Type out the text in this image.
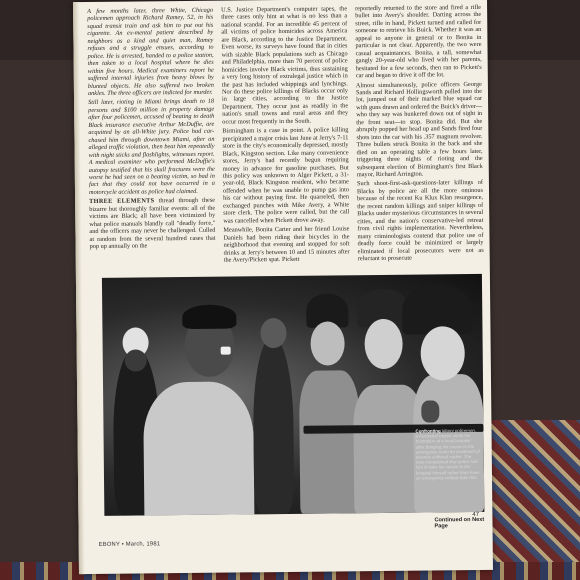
A few months later, three White, Chicago policemen approach Richard Ramey, 52, in his squad transit train and ask him to put out his cigarette. An ex-mental patient described by neighbors as a kind and quiet man, Ramey refuses and a struggle ensues, according to police. He is arrested, handed to a police station, then taken to a local hospital where he dies within five hours. Medical examiners report he suffered internal injuries from heavy blows by blunted objects. He also suffered two broken ankles. The three officers are indicted for murder.

Still later, rioting in Miami brings death to 18 persons and $100 million in property damage after four policemen, accused of beating to death Black insurance executive Arthur McDuffie, are acquitted by an all-White jury. Police had car-chased him through downtown Miami, after an alleged traffic violation, then beat him repeatedly with night sticks and flashlights, witnesses report. A medical examiner who performed McDuffie's autopsy testified that his skull fractures were the worst he had seen on a beating victim, so bad in fact that they could not have occurred in a motorcycle accident as police had claimed.

THREE ELEMENTS thread through these bizarre but thoroughly familiar events: all of the victims are Black; all have been victimized by what police manuals blandly call "deadly force," and the officers may never be challenged. Culled at random from the several hundred cases that pop up annually on the

U.S. Justice Department's computer tapes, the three cases only hint at what is no less than a national scandal. For an incredible 45 percent of all victims of police homicides across America are Black, according to the Justice Department. Even worse, its surveys have found that in cities with sizable Black populations such as Chicago and Philadelphia, more than 70 percent of police homicides involve Black victims, thus sustaining a very long history of extralegal justice which in the past has included whippings and lynchings. Nor do these police killings of Blacks occur only in large cities, according to the Justice Department. They occur just as readily in the nation's small towns and rural areas and they occur most frequently in the South.

Birmingham is a case in point. A police killing precipitated a major crisis last June at Jerry's 7-11 store in the city's economically depressed, mostly Black, Kingston section. Like many convenience stores, Jerry's had recently begun requiring money in advance for gasoline purchases. But this policy was unknown to Alger Pickett, a 31-year-old, Black Kingston resident, who became offended when he was unable to pump gas into his car without paying first. He quarreled, then exchanged punches with Mike Avery, a White store clerk. The police were called, but the call was cancelled when Pickett drove away.

Meanwhile, Bonita Carter and her friend Louise Daniels had been riding their bicycles in the neighborhood that evening and stopped for soft drinks at Jerry's between 10 and 15 minutes after the Avery/Pickett spat. Pickett

reportedly returned to the store and fired a rifle bullet into Avery's shoulder. Darting across the street, rifle in hand, Pickett turned and called for someone to retrieve his Buick. Whether it was an appeal to anyone in general or to Bonita in particular is not clear. Apparently, the two were casual acquaintances. Bonita, a tall, somewhat gangly 20-year-old who lived with her parents, hesitated for a few seconds, then ran to Pickett's car and began to drive it off the lot.

Almost simultaneously, police officers George Sands and Richard Hollingsworth pulled into the lot, jumped out of their marked blue squad car with guns drawn and ordered the Buick's driver—who they say was hunkered down out of sight in the front seat—to stop. Bonita did. But she abruptly popped her head up and Sands fired four shots into the car with his .357 magnum revolver. Three bullets struck Bonita in the back and she died on an operating table a few hours later, triggering three nights of rioting and the subsequent election of Birmingham's first Black mayor, Richard Arrington.

Such shoot-first-ask-questions-later killings of Blacks by police are all the more ominous because of the recent Ku Klux Klan resurgence, the recent random killings and sniper killings of Blacks under mysterious circumstances in several cities, and the nation's conservative-led retreat from civil rights implementation. Nevertheless, many criminologists contend that police use of deadly force could be minimized or largely eliminated if local prosecutors were not as reluctant to prosecute

Confronting Miami policemen, a frustrated citizen vents his frustration at a local hospital after bringing his cousin to the emergency room for treatment of wounds suffered earlier. The man complained that police told him to take his cousin to the hospital himself rather than have an emergency vehicle take him.
Continued on Next Page
47
EBONY • March, 1981
